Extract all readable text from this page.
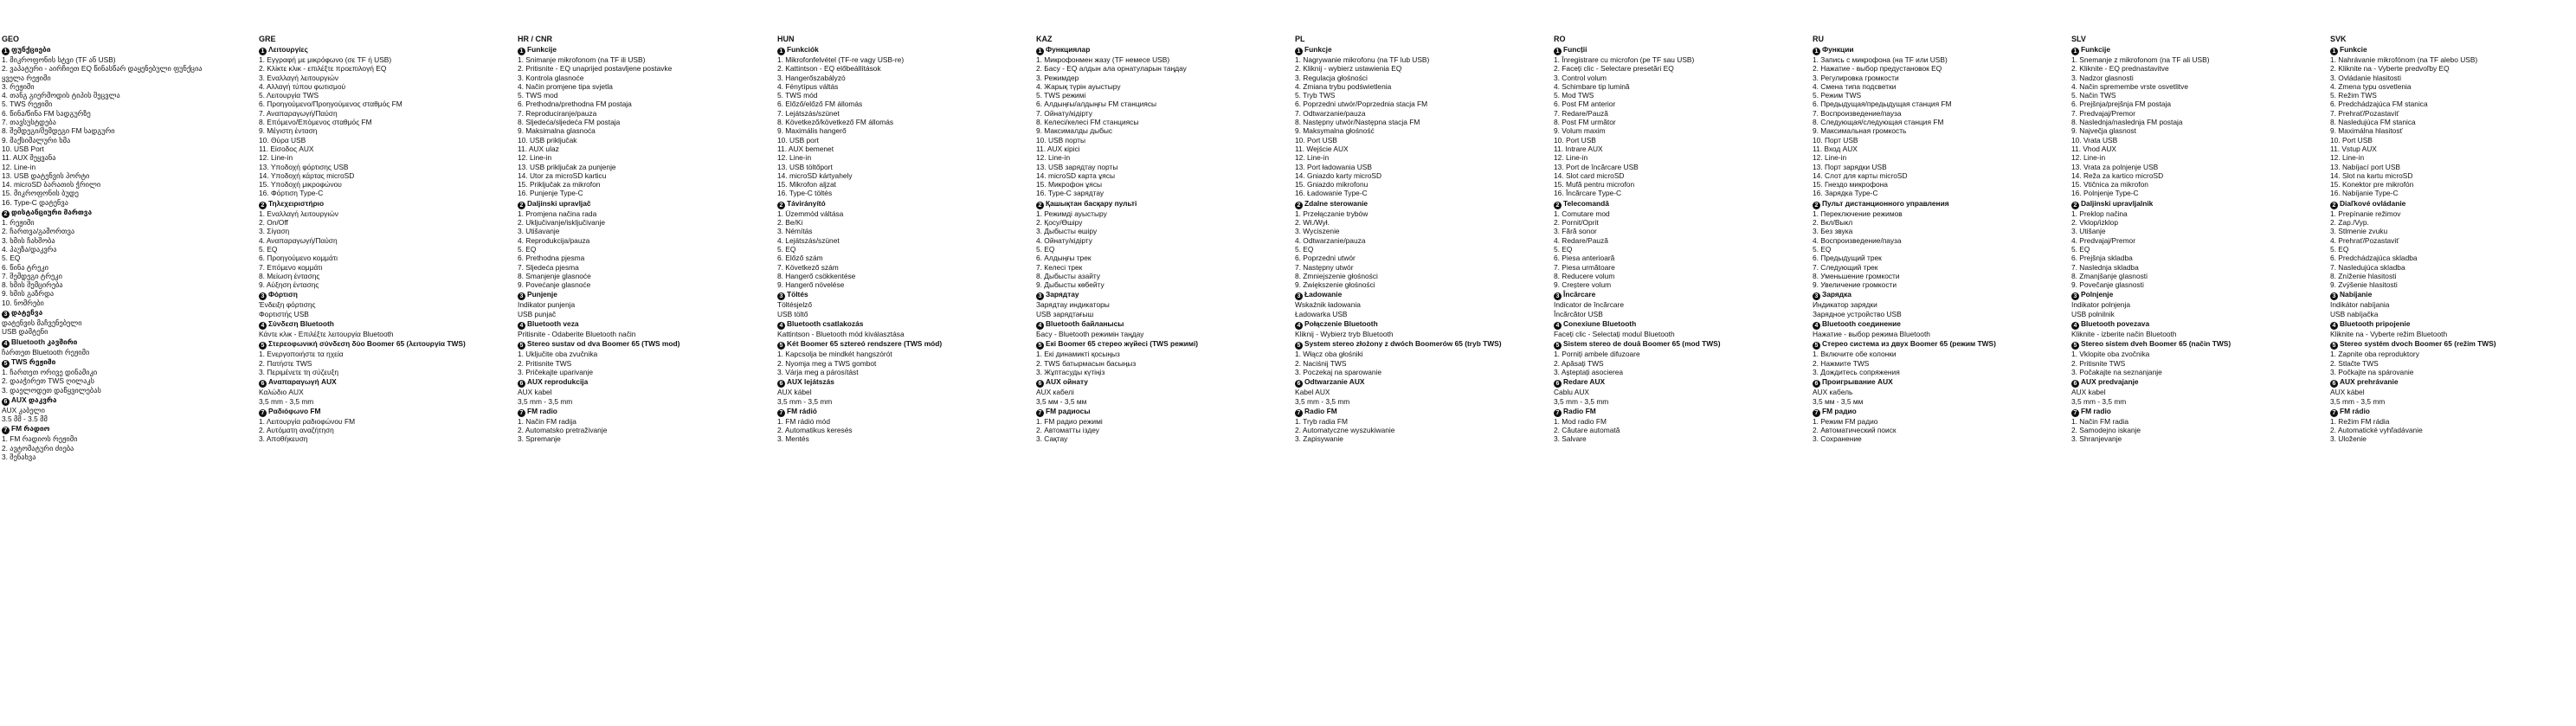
GEO
1 ფუნქციები
1. მიკროფონის სტვი (TF ან USB)
2. ვაპატური - აირჩიეთ EQ წინასწარ დაყენებული ფუნქცია ყველა რეჟიმი
3. რეჟიმი
4. თანგ გიერმოდის ტიპის შეცვლა
5. TWS რეჟიმი
6. წინა/წინა FM სადგურზე
7. თავსუსტდება
8. შემდეგი/შემდეგი FM სადგური
9. მაქსიმალური ხმა
10. USB Port
11. AUX შეყვანა
12. Line-in
13. USB დატენვის პორტი
14. microSD ბარათის ჭრილი
15. მიკროფონის ბუდე
16. Type-C დატენვა
2 დისტანციური მართვა
1. რეჟიმი
2. ჩართვა/გამორთვა
3. ხმის ჩახშობა
4. პაუზა/დაკვრა
5. EQ
6. წინა ტრეკი
7. შემდეგი ტრეკი
8. ხმის შემცირება
9. ხმის გაზრდა
10. ნომრები
3 დატენვა
დატენვის მაჩვენებელი
USB დამტენი
4 Bluetooth კავშირი
ჩართეთ Bluetooth რეჟიმი
5 TWS რეჟიმი
1. ჩართეთ ორივე დინამიკი
2. დააჭირეთ TWS ღილაკს
3. დაელოდეთ დაწყვილებას
6 AUX დაკვრა
AUX კაბელი
3.5 მმ - 3.5 მმ
7 FM რადიო
1. FM რადიოს რეჟიმი
2. ავტომატური ძიება
3. შენახვა
GRE
1 Λειτουργίες
1. Εγγραφή με μικρόφωνο (σε TF ή USB)
2. Κλίκτε κλικ - επιλέξτε προεπιλογή EQ
3. Εναλλαγή λειτουργιών
4. Αλλαγή τύπου φωτισμού
5. Λειτουργία TWS
6. Προηγούμενο/Προηγούμενος σταθμός FM
7. Αναπαραγωγή/Παύση
8. Επόμενο/Επόμενος σταθμός FM
9. Μέγιστη ένταση
10. Θύρα USB
11. Είσοδος AUX
12. Line-in
13. Υποδοχή φόρτισης USB
14. Υποδοχή κάρτας microSD
15. Υποδοχή μικροφώνου
16. Φόρτιση Type-C
2 Τηλεχειριστήριο
1. Εναλλαγή λειτουργιών
2. On/Off
3. Σίγαση
4. Αναπαραγωγή/Παύση
5. EQ
6. Προηγούμενο κομμάτι
7. Επόμενο κομμάτι
8. Μείωση έντασης
9. Αύξηση έντασης
3 Φόρτιση
Ένδειξη φόρτισης
Φορτιστής USB
4 Σύνδεση Bluetooth
Κάντε κλικ - Επιλέξτε λειτουργία Bluetooth
5 Στερεοφωνική σύνδεση δύο Boomer 65 (λειτουργία TWS)
1. Ενεργοποιήστε τα ηχεία
2. Πατήστε TWS
3. Περιμένετε τη σύζευξη
6 Αναπαραγωγή AUX
Καλώδιο AUX
3,5 mm - 3,5 mm
7 Ραδιόφωνο FM
1. Λειτουργία ραδιοφώνου FM
2. Αυτόματη αναζήτηση
3. Αποθήκευση
HR / CNR
1 Funkcije
1. Snimanje mikrofonom (na TF ili USB)
2. Pritisnite - EQ unaprijed postavljene postavke
3. Kontrola glasnoće
4. Način promjene tipa svjetla
5. TWS mod
6. Prethodna/prethodna FM postaja
7. Reproduciranje/pauza
8. Sljedeća/sljedeća FM postaja
9. Maksimalna glasnoća
10. USB priključak
11. AUX ulaz
12. Line-in
13. USB priključak za punjenje
14. Utor za microSD karticu
15. Priključak za mikrofon
16. Punjenje Type-C
2 Daljinski upravljač
1. Promjena načina rada
2. Uključivanje/isključivanje
3. Utišavanje
4. Reprodukcija/pauza
5. EQ
6. Prethodna pjesma
7. Sljedeća pjesma
8. Smanjenje glasnoće
9. Povećanje glasnoće
3 Punjenje
Indikator punjenja
USB punjač
4 Bluetooth veza
Pritisnite - Odaberite Bluetooth način
5 Stereo sustav od dva Boomer 65 (TWS mod)
1. Uključite oba zvučnika
2. Pritisnite TWS
3. Pričekajte uparivanje
6 AUX reprodukcija
AUX kabel
3,5 mm - 3,5 mm
7 FM radio
1. Način FM radija
2. Automatsko pretraživanje
3. Spremanje
HUN
1 Funkciók
1. Mikrofonfelvétel (TF-re vagy USB-re)
2. Kattintson - EQ előbeállítások
3. Hangerőszabályzó
4. Fénytípus váltás
5. TWS mód
6. Előző/előző FM állomás
7. Lejátszás/szünet
8. Következő/következő FM állomás
9. Maximális hangerő
10. USB port
11. AUX bemenet
12. Line-in
13. USB töltőport
14. microSD kártyahely
15. Mikrofon aljzat
16. Type-C töltés
2 Távirányító
1. Üzemmód váltása
2. Be/Ki
3. Némítás
4. Lejátszás/szünet
5. EQ
6. Előző szám
7. Következő szám
8. Hangerő csökkentése
9. Hangerő növelése
3 Töltés
Töltésjelző
USB töltő
4 Bluetooth csatlakozás
Kattintson - Bluetooth mód kiválasztása
5 Két Boomer 65 sztereó rendszere (TWS mód)
1. Kapcsolja be mindkét hangszórót
2. Nyomja meg a TWS gombot
3. Várja meg a párosítást
6 AUX lejátszás
AUX kábel
3,5 mm - 3,5 mm
7 FM rádió
1. FM rádió mód
2. Automatikus keresés
3. Mentés
KAZ
1 Функциялар
1. Микрофонмен жазу (TF немесе USB)
2. Басу - EQ алдын ала орнатуларын таңдау
3. Режимдер
4. Жарық түрін ауыстыру
5. TWS режимі
6. Алдыңғы/алдыңғы FM станциясы
7. Ойнату/кідірту
8. Келесі/келесі FM станциясы
9. Максималды дыбыс
10. USB порты
11. AUX кірісі
12. Line-in
13. USB зарядтау порты
14. microSD карта ұясы
15. Микрофон ұясы
16. Type-C зарядтау
2 Қашықтан басқару пульті
1. Режимді ауыстыру
2. Қосу/Өшіру
3. Дыбысты өшіру
4. Ойнату/кідірту
5. EQ
6. Алдыңғы трек
7. Келесі трек
8. Дыбысты азайту
9. Дыбысты көбейту
3 Зарядтау
Зарядтау индикаторы
USB зарядтағыш
4 Bluetooth байланысы
Басу - Bluetooth режимін таңдау
5 Екі Boomer 65 стерео жүйесі (TWS режимі)
1. Екі динамикті қосыңыз
2. TWS батырмасын басыңыз
3. Жұптасуды күтіңіз
6 AUX ойнату
AUX кабелі
3,5 мм - 3,5 мм
7 FM радиосы
1. FM радио режимі
2. Автоматты іздеу
3. Сақтау
PL
1 Funkcje
1. Nagrywanie mikrofonu (na TF lub USB)
2. Kliknij - wybierz ustawienia EQ
3. Regulacja głośności
4. Zmiana trybu podświetlenia
5. Tryb TWS
6. Poprzedni utwór/Poprzednia stacja FM
7. Odtwarzanie/pauza
8. Następny utwór/Następna stacja FM
9. Maksymalna głośność
10. Port USB
11. Wejście AUX
12. Line-in
13. Port ładowania USB
14. Gniazdo karty microSD
15. Gniazdo mikrofonu
16. Ładowanie Type-C
2 Zdalne sterowanie
1. Przełączanie trybów
2. Wł./Wył.
3. Wyciszenie
4. Odtwarzanie/pauza
5. EQ
6. Poprzedni utwór
7. Następny utwór
8. Zmniejszenie głośności
9. Zwiększenie głośności
3 Ładowanie
Wskaźnik ładowania
Ładowarka USB
4 Połączenie Bluetooth
Kliknij - Wybierz tryb Bluetooth
5 System stereo złożony z dwóch Boomerów 65 (tryb TWS)
1. Włącz oba głośniki
2. Naciśnij TWS
3. Poczekaj na sparowanie
6 Odtwarzanie AUX
Kabel AUX
3,5 mm - 3,5 mm
7 Radio FM
1. Tryb radia FM
2. Automatyczne wyszukiwanie
3. Zapisywanie
RO
1 Funcții
1. Înregistrare cu microfon (pe TF sau USB)
2. Faceți clic - Selectare presetări EQ
3. Control volum
4. Schimbare tip lumină
5. Mod TWS
6. Post FM anterior
7. Redare/Pauză
8. Post FM următor
9. Volum maxim
10. Port USB
11. Intrare AUX
12. Line-in
13. Port de încărcare USB
14. Slot card microSD
15. Mufă pentru microfon
16. Încărcare Type-C
2 Telecomandă
1. Comutare mod
2. Pornit/Oprit
3. Fără sonor
4. Redare/Pauză
5. EQ
6. Piesa anterioară
7. Piesa următoare
8. Reducere volum
9. Creștere volum
3 Încărcare
Indicator de încărcare
Încărcător USB
4 Conexiune Bluetooth
Faceți clic - Selectați modul Bluetooth
5 Sistem stereo de două Boomer 65 (mod TWS)
1. Porniți ambele difuzoare
2. Apăsați TWS
3. Așteptați asocierea
6 Redare AUX
Cablu AUX
3,5 mm - 3,5 mm
7 Radio FM
1. Mod radio FM
2. Căutare automată
3. Salvare
RU
1 Функции
1. Запись с микрофона (на TF или USB)
2. Нажатие - выбор предустановок EQ
3. Регулировка громкости
4. Смена типа подсветки
5. Режим TWS
6. Предыдущая/предыдущая станция FM
7. Воспроизведение/пауза
8. Следующая/следующая станция FM
9. Максимальная громкость
10. Порт USB
11. Вход AUX
12. Line-in
13. Порт зарядки USB
14. Слот для карты microSD
15. Гнездо микрофона
16. Зарядка Type-C
2 Пульт дистанционного управления
1. Переключение режимов
2. Вкл/Выкл
3. Без звука
4. Воспроизведение/пауза
5. EQ
6. Предыдущий трек
7. Следующий трек
8. Уменьшение громкости
9. Увеличение громкости
3 Зарядка
Индикатор зарядки
Зарядное устройство USB
4 Bluetooth соединение
Нажатие - выбор режима Bluetooth
5 Стерео система из двух Boomer 65 (режим TWS)
1. Включите обе колонки
2. Нажмите TWS
3. Дождитесь сопряжения
6 Проигрывание AUX
AUX кабель
3,5 мм - 3,5 мм
7 FM радио
1. Режим FM радио
2. Автоматический поиск
3. Сохранение
SLV
1 Funkcije
1. Snemanje z mikrofonom (na TF ali USB)
2. Kliknite - EQ prednastavitve
3. Nadzor glasnosti
4. Način spremembe vrste osvetlitve
5. Način TWS
6. Prejšnja/prejšnja FM postaja
7. Predvajaj/Premor
8. Naslednja/naslednja FM postaja
9. Največja glasnost
10. Vrata USB
11. Vhod AUX
12. Line-in
13. Vrata za polnjenje USB
14. Reža za kartico microSD
15. Vtičnica za mikrofon
16. Polnjenje Type-C
2 Daljinski upravljalnik
1. Preklop načina
2. Vklop/izklop
3. Utišanje
4. Predvajaj/Premor
5. EQ
6. Prejšnja skladba
7. Naslednja skladba
8. Zmanjšanje glasnosti
9. Povečanje glasnosti
3 Polnjenje
Indikator polnjenja
USB polnilnik
4 Bluetooth povezava
Kliknite - izberite način Bluetooth
5 Stereo sistem dveh Boomer 65 (način TWS)
1. Vklopite oba zvočnika
2. Pritisnite TWS
3. Počakajte na seznanjanje
6 AUX predvajanje
AUX kabel
3,5 mm - 3,5 mm
7 FM radio
1. Način FM radia
2. Samodejno iskanje
3. Shranjevanje
SVK
1 Funkcie
1. Nahrávanie mikrofónom (na TF alebo USB)
2. Kliknite na - Vyberte predvoľby EQ
3. Ovládanie hlasitosti
4. Zmena typu osvetlenia
5. Režim TWS
6. Predchádzajúca FM stanica
7. Prehrať/Pozastaviť
8. Nasledujúca FM stanica
9. Maximálna hlasitosť
10. Port USB
11. Vstup AUX
12. Line-in
13. Nabíjací port USB
14. Slot na kartu microSD
15. Konektor pre mikrofón
16. Nabíjanie Type-C
2 Diaľkové ovládanie
1. Prepínanie režimov
2. Zap./Vyp.
3. Stlmenie zvuku
4. Prehrať/Pozastaviť
5. EQ
6. Predchádzajúca skladba
7. Nasledujúca skladba
8. Zníženie hlasitosti
9. Zvýšenie hlasitosti
3 Nabíjanie
Indikátor nabíjania
USB nabíjačka
4 Bluetooth pripojenie
Kliknite na - Vyberte režim Bluetooth
5 Stereo systém dvoch Boomer 65 (režim TWS)
1. Zapnite oba reproduktory
2. Stlačte TWS
3. Počkajte na spárovanie
6 AUX prehrávanie
AUX kábel
3,5 mm - 3,5 mm
7 FM rádio
1. Režim FM rádia
2. Automatické vyhľadávanie
3. Uloženie
